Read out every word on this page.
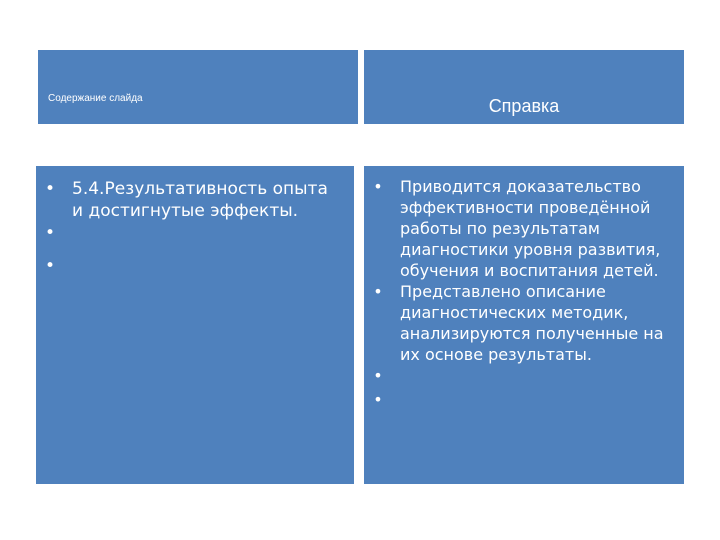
Содержание слайда	Справка
• 5.4.Результативность опыта и достигнутые эффекты.
•
•
• Приводится доказательство эффективности проведённой работы по результатам диагностики уровня развития, обучения и воспитания детей.
• Представлено описание диагностических методик, анализируются полученные на их основе результаты.
•
•
